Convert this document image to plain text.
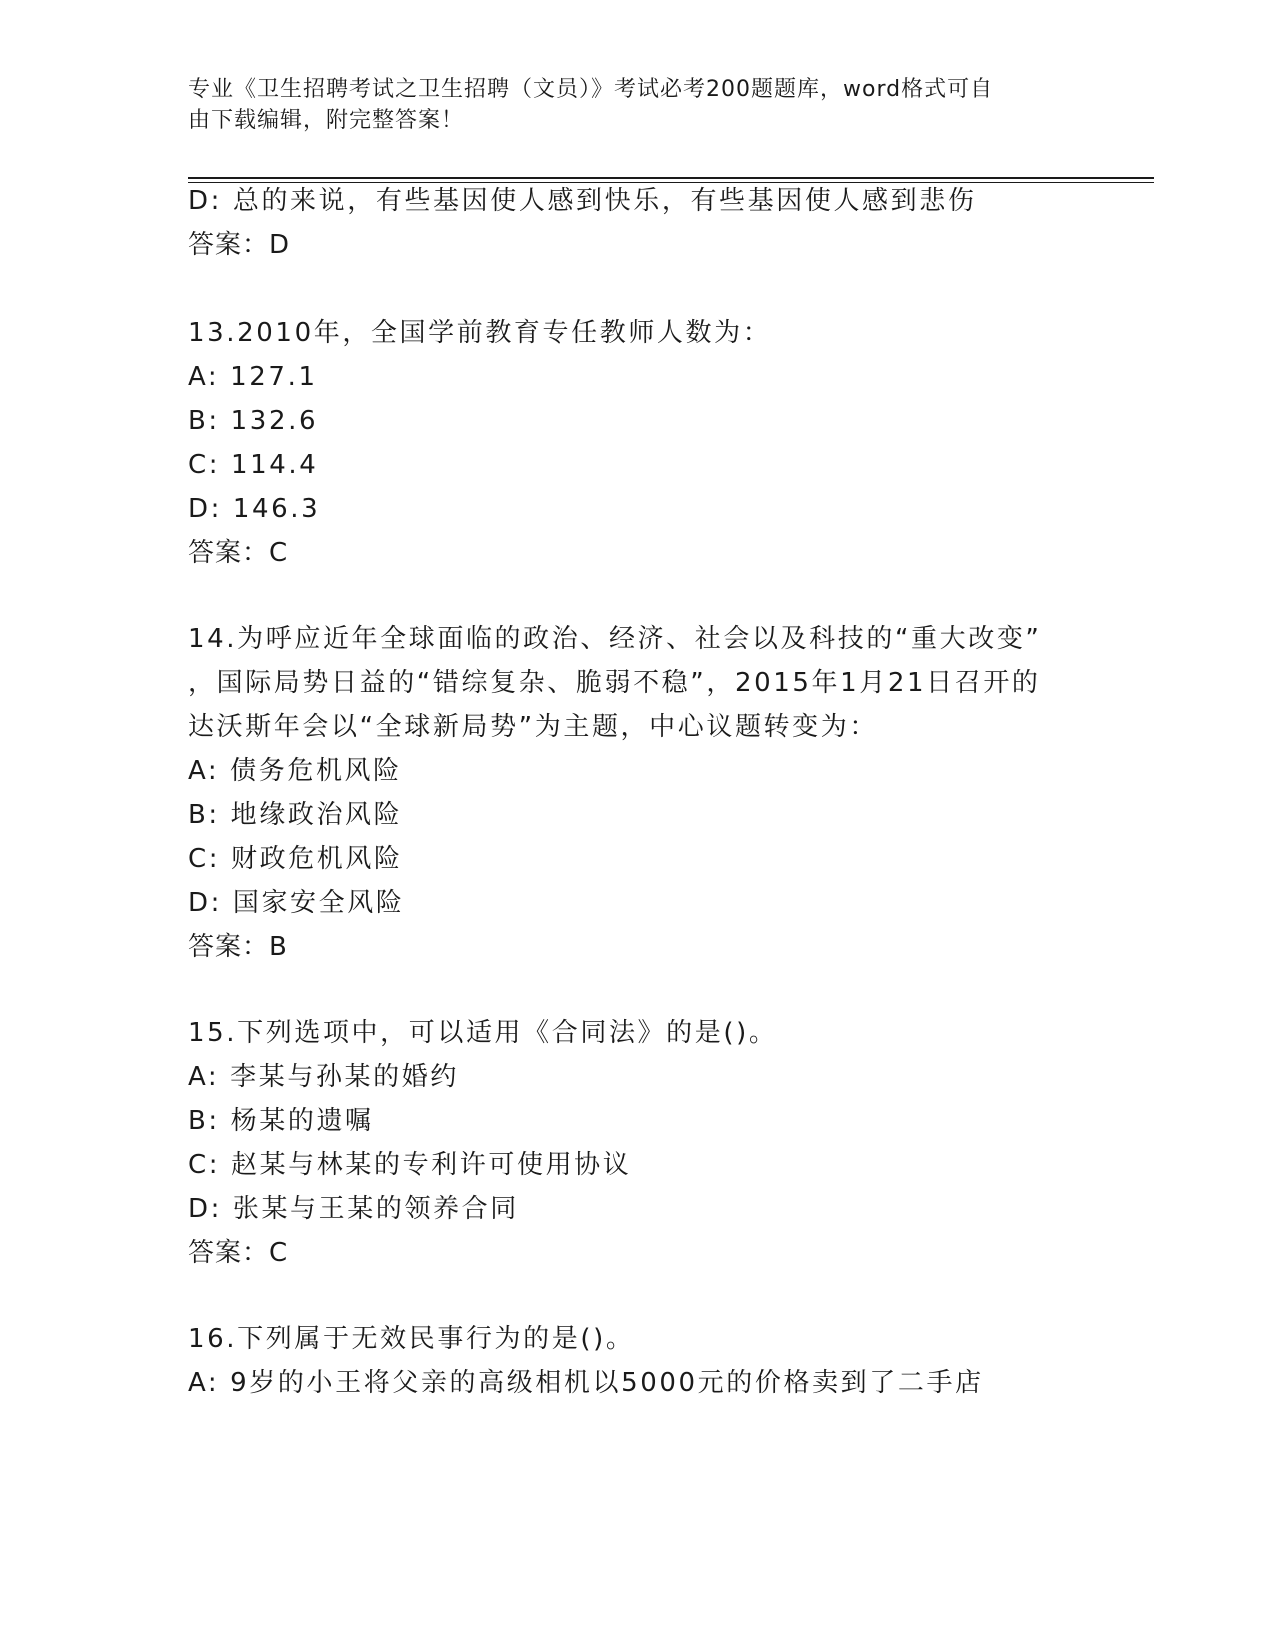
专业《卫生招聘考试之卫生招聘（文员）》考试必考200题题库，word格式可自
由下载编辑，附完整答案！
D: 总的来说，有些基因使人感到快乐，有些基因使人感到悲伤
答案：D
13.2010年，全国学前教育专任教师人数为：
A: 127.1
B: 132.6
C: 114.4
D: 146.3
答案：C
14.为呼应近年全球面临的政治、经济、社会以及科技的“重大改变”
，国际局势日益的“错综复杂、脆弱不稳”，2015年1月21日召开的
达沃斯年会以“全球新局势”为主题，中心议题转变为：
A: 债务危机风险
B: 地缘政治风险
C: 财政危机风险
D: 国家安全风险
答案：B
15.下列选项中，可以适用《合同法》的是()。
A: 李某与孙某的婚约
B: 杨某的遗嘱
C: 赵某与林某的专利许可使用协议
D: 张某与王某的领养合同
答案：C
16.下列属于无效民事行为的是()。
A: 9岁的小王将父亲的高级相机以5000元的价格卖到了二手店
